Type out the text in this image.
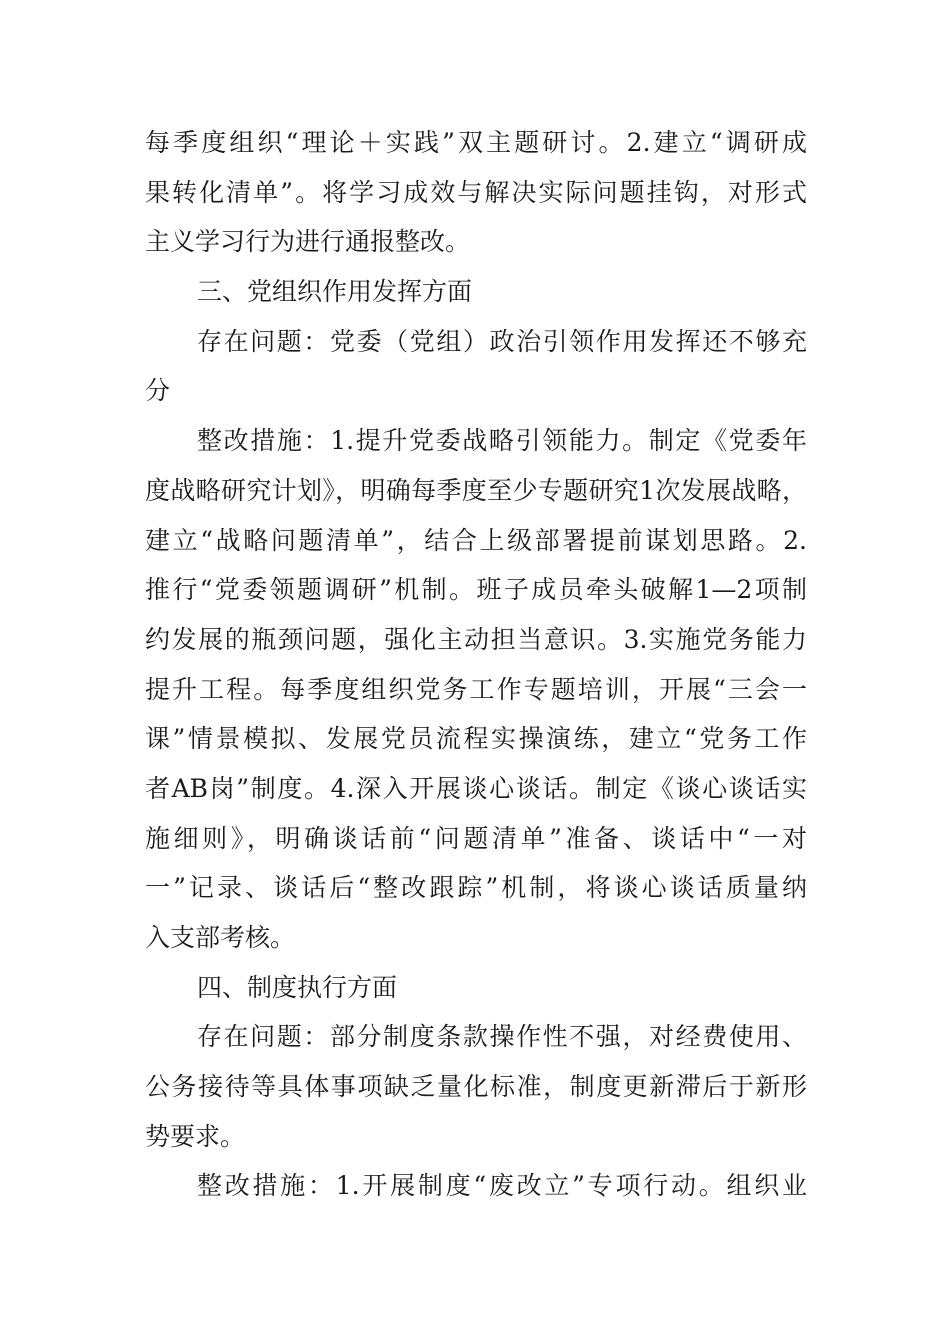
每季度组织“理论＋实践”双主题研讨。2.建立“调研成
果转化清单”。将学习成效与解决实际问题挂钩，对形式
主义学习行为进行通报整改。
三、党组织作用发挥方面
存在问题：党委（党组）政治引领作用发挥还不够充
分
整改措施：1.提升党委战略引领能力。制定《党委年
度战略研究计划》，明确每季度至少专题研究1次发展战略，
建立“战略问题清单”，结合上级部署提前谋划思路。2.
推行“党委领题调研”机制。班子成员牵头破解1—2项制
约发展的瓶颈问题，强化主动担当意识。3.实施党务能力
提升工程。每季度组织党务工作专题培训，开展“三会一
课”情景模拟、发展党员流程实操演练，建立“党务工作
者AB岗”制度。4.深入开展谈心谈话。制定《谈心谈话实
施细则》，明确谈话前“问题清单”准备、谈话中“一对
一”记录、谈话后“整改跟踪”机制，将谈心谈话质量纳
入支部考核。
四、制度执行方面
存在问题：部分制度条款操作性不强，对经费使用、
公务接待等具体事项缺乏量化标准，制度更新滞后于新形
势要求。
整改措施：1.开展制度“废改立”专项行动。组织业
